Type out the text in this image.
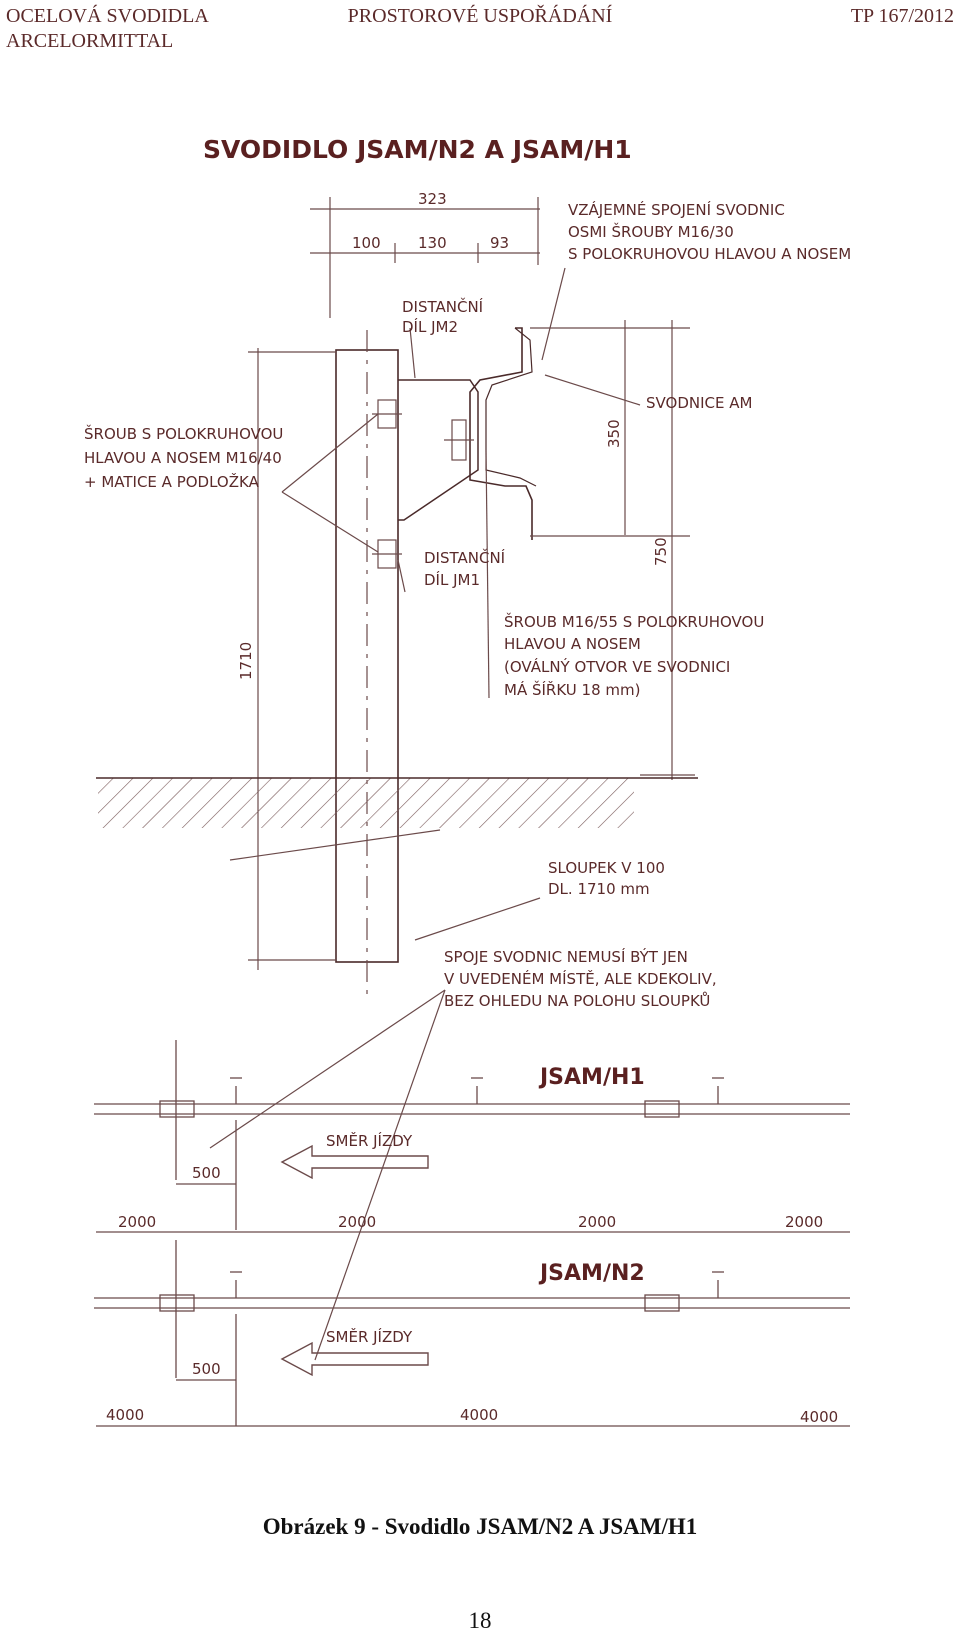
OCELOVÁ SVODIDLA
ARCELORMITTAL
PROSTOROVÉ USPOŘÁDÁNÍ	TP 167/2012
SVODIDLO JSAM/N2 A JSAM/H1
323
100 130	93
350
750
1710
VZÁJEMNÉ SPOJENÍ SVODNIC
OSMI ŠROUBY M16/30
S POLOKRUHOVOU HLAVOU A NOSEM
DISTANČNÍ
DÍL JM2
SVODNICE AM
ŠROUB S POLOKRUHOVOU
HLAVOU A NOSEM M16/40
+ MATICE A PODLOŽKA
DISTANČNÍ
DÍL JM1
ŠROUB M16/55 S POLOKRUHOVOU
HLAVOU A NOSEM
(OVÁLNÝ OTVOR VE SVODNICI
MÁ ŠÍŘKU 18 mm)
SLOUPEK V 100
DL. 1710 mm
SPOJE SVODNIC NEMUSÍ BÝT JEN
V UVEDENÉM MÍSTĚ, ALE KDEKOLIV,
BEZ OHLEDU NA POLOHU SLOUPKŮ
JSAM/H1
SMĚR JÍZDY
500
2000	2000	2000	2000
JSAM/N2
SMĚR JÍZDY
500
4000	4000	4000
Obrázek 9 - Svodidlo JSAM/N2 A JSAM/H1
18
